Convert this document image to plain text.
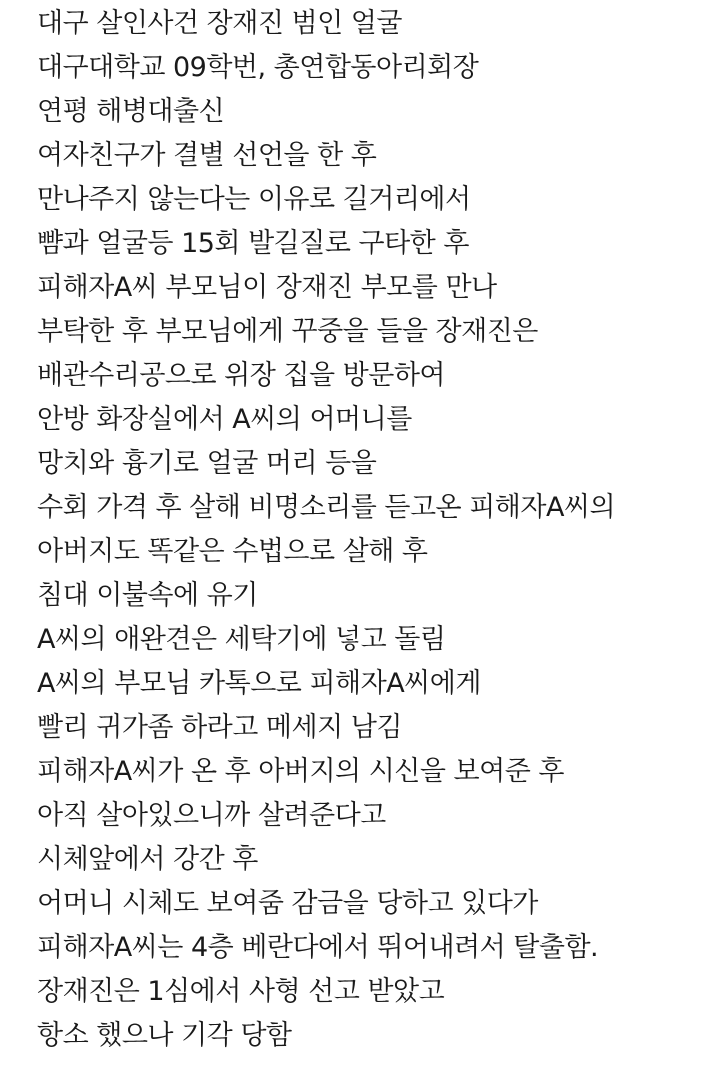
대구 살인사건 장재진 범인 얼굴
대구대학교 09학번, 총연합동아리회장
연평 해병대출신
여자친구가 결별 선언을 한 후
만나주지 않는다는 이유로 길거리에서
뺨과 얼굴등 15회 발길질로 구타한 후
피해자A씨 부모님이 장재진 부모를 만나
부탁한 후 부모님에게 꾸중을 들을 장재진은
배관수리공으로 위장 집을 방문하여
안방 화장실에서 A씨의 어머니를
망치와 흉기로 얼굴 머리 등을
수회 가격 후 살해 비명소리를 듣고온 피해자A씨의
아버지도 똑같은 수법으로 살해 후
침대 이불속에 유기
A씨의 애완견은 세탁기에 넣고 돌림
A씨의 부모님 카톡으로 피해자A씨에게
빨리 귀가좀 하라고 메세지 남김
피해자A씨가 온 후 아버지의 시신을 보여준 후
아직 살아있으니까 살려준다고
시체앞에서 강간 후
어머니 시체도 보여줌 감금을 당하고 있다가
피해자A씨는 4층 베란다에서 뛰어내려서 탈출함.
장재진은 1심에서 사형 선고 받았고
항소 했으나 기각 당함
